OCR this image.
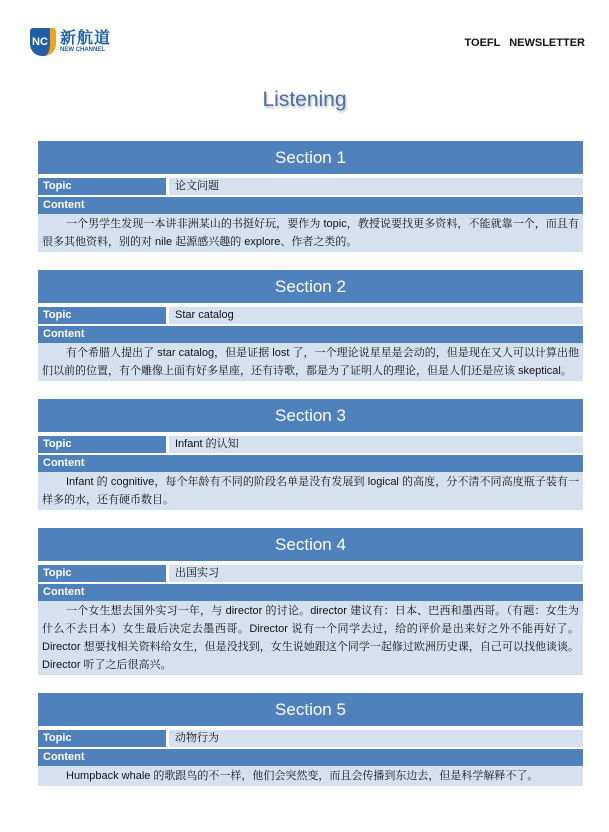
NC 新航道
NEW CHANNEL
TOEFL NEWSLETTER
Listening
Section 1
Topic	论文问题
Content
一个男学生发现一本讲非洲某山的书挺好玩，要作为 topic，教授说要找更多资料，不能就靠一个，而且有很多其他资料，别的对 nile 起源感兴趣的 explore、作者之类的。
Section 2
Topic	Star catalog
Content
有个希腊人提出了 star catalog，但是证据 lost 了，一个理论说星星是会动的，但是现在又人可以计算出他们以前的位置，有个雕像上面有好多星座，还有诗歌，都是为了证明人的理论，但是人们还是应该 skeptical。
Section 3
Topic	Infant 的认知
Content
Infant 的 cognitive，每个年龄有不同的阶段名单是没有发展到 logical 的高度，分不清不同高度瓶子装有一样多的水，还有硬币数目。
Section 4
Topic	出国实习
Content
一个女生想去国外实习一年，与 director 的讨论。director 建议有：日本、巴西和墨西哥。（有题：女生为什么不去日本）女生最后决定去墨西哥。Director 说有一个同学去过，给的评价是出来好之外不能再好了。Director 想要找相关资料给女生，但是没找到，女生说她跟这个同学一起修过欧洲历史课，自己可以找他谈谈。Director 听了之后很高兴。
Section 5
Topic	动物行为
Content
Humpback whale 的歌跟鸟的不一样，他们会突然变，而且会传播到东边去，但是科学解释不了。
